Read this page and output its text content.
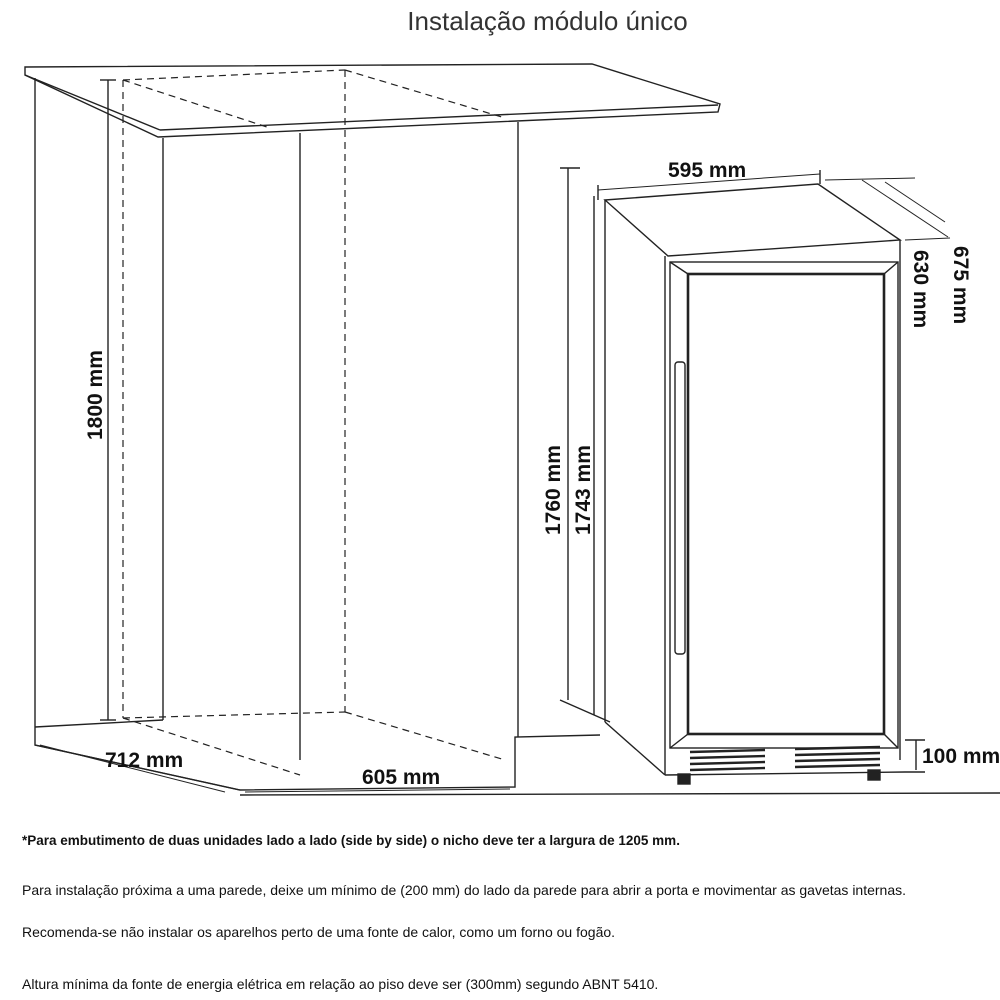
Instalação módulo único
1800 mm
712 mm
605 mm
595 mm
630 mm 675 mm
1760 mm 1743 mm
100 mm

*Para embutimento de duas unidades lado a lado (side by side) o nicho deve ter a largura de 1205 mm.

Para instalação próxima a uma parede, deixe um mínimo de (200 mm) do lado da parede para abrir a porta e movimentar as gavetas internas.

Recomenda-se não instalar os aparelhos perto de uma fonte de calor, como um forno ou fogão.

Altura mínima da fonte de energia elétrica em relação ao piso deve ser (300mm) segundo ABNT 5410.
